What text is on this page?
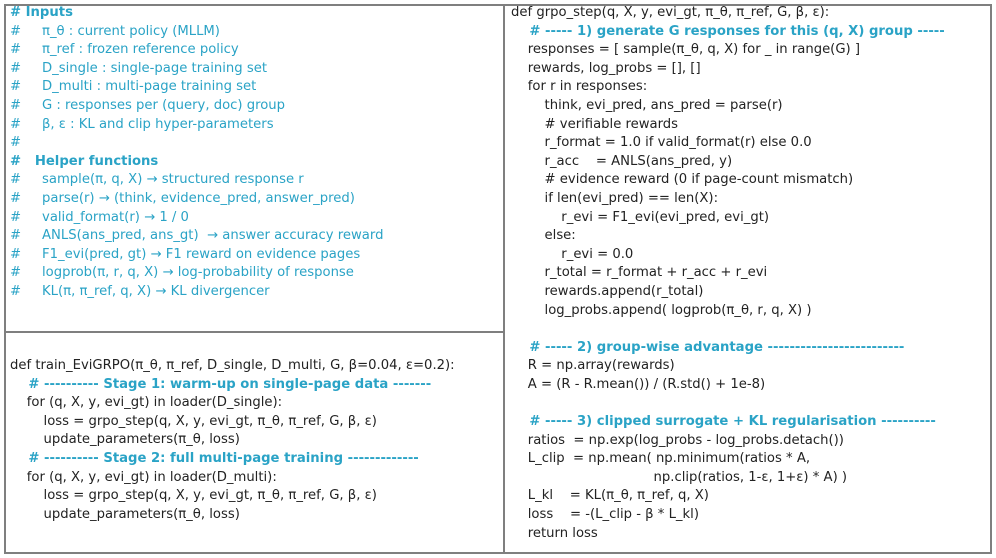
# Inputs
#     π_θ : current policy (MLLM)
#     π_ref : frozen reference policy
#     D_single : single-page training set
#     D_multi : multi-page training set
#     G : responses per (query, doc) group
#     β, ε : KL and clip hyper-parameters
#
#   Helper functions
#     sample(π, q, X) → structured response r
#     parse(r) → (think, evidence_pred, answer_pred)
#     valid_format(r) → 1 / 0
#     ANLS(ans_pred, ans_gt)  → answer accuracy reward
#     F1_evi(pred, gt) → F1 reward on evidence pages
#     logprob(π, r, q, X) → log-probability of response
#     KL(π, π_ref, q, X) → KL divergencer
def train_EviGRPO(π_θ, π_ref, D_single, D_multi, G, β=0.04, ε=0.2):
# ---------- Stage 1: warm-up on single-page data -------
for (q, X, y, evi_gt) in loader(D_single):
loss = grpo_step(q, X, y, evi_gt, π_θ, π_ref, G, β, ε)
update_parameters(π_θ, loss)
# ---------- Stage 2: full multi-page training -------------
for (q, X, y, evi_gt) in loader(D_multi):
loss = grpo_step(q, X, y, evi_gt, π_θ, π_ref, G, β, ε)
update_parameters(π_θ, loss)
def grpo_step(q, X, y, evi_gt, π_θ, π_ref, G, β, ε):
# ----- 1) generate G responses for this (q, X) group -----
responses = [ sample(π_θ, q, X) for _ in range(G) ]
rewards, log_probs = [], []
for r in responses:
think, evi_pred, ans_pred = parse(r)
# verifiable rewards
r_format = 1.0 if valid_format(r) else 0.0
r_acc    = ANLS(ans_pred, y)
# evidence reward (0 if page-count mismatch)
if len(evi_pred) == len(X):
r_evi = F1_evi(evi_pred, evi_gt)
else:
r_evi = 0.0
r_total = r_format + r_acc + r_evi
rewards.append(r_total)
log_probs.append( logprob(π_θ, r, q, X) )
# ----- 2) group-wise advantage -------------------------
R = np.array(rewards)
A = (R - R.mean()) / (R.std() + 1e-8)
# ----- 3) clipped surrogate + KL regularisation ----------
ratios  = np.exp(log_probs - log_probs.detach())
L_clip  = np.mean( np.minimum(ratios * A,
np.clip(ratios, 1-ε, 1+ε) * A) )
L_kl    = KL(π_θ, π_ref, q, X)
loss    = -(L_clip - β * L_kl)
return loss
